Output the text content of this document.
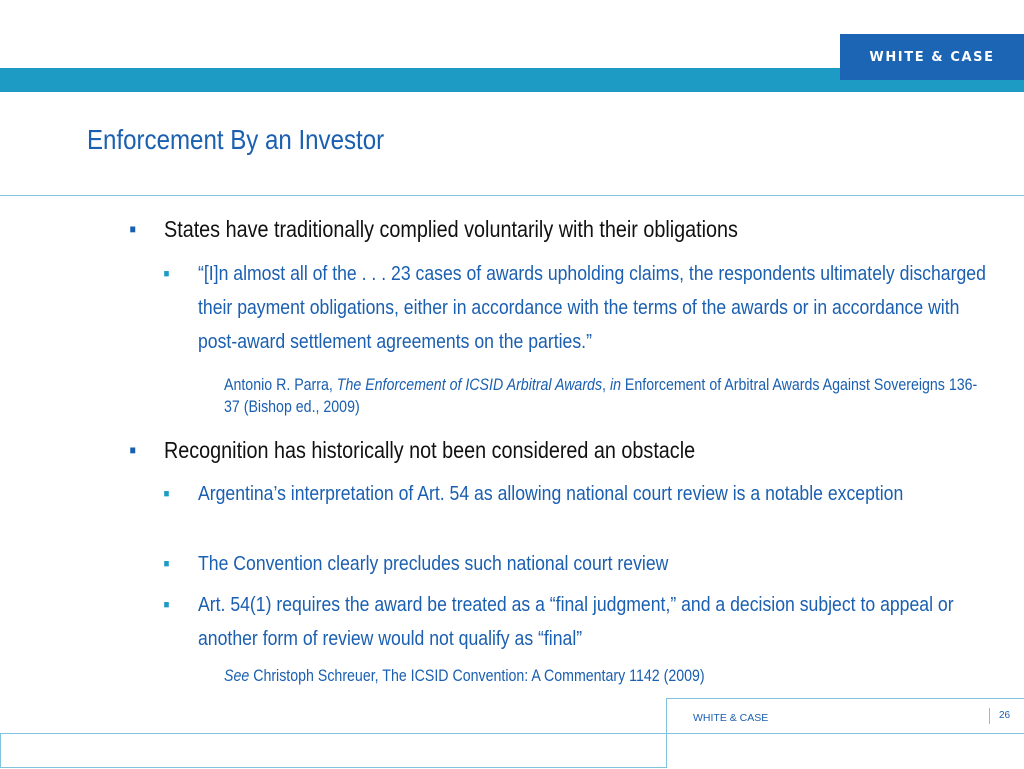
WHITE & CASE
Enforcement By an Investor

■ States have traditionally complied voluntarily with their obligations

■ “[I]n almost all of the . . . 23 cases of awards upholding claims, the respondents ultimately discharged their payment obligations, either in accordance with the terms of the awards or in accordance with post-award settlement agreements on the parties.”

Antonio R. Parra, The Enforcement of ICSID Arbitral Awards, in Enforcement of Arbitral Awards Against Sovereigns 136-37 (Bishop ed., 2009)

■ Recognition has historically not been considered an obstacle

■ Argentina’s interpretation of Art. 54 as allowing national court review is a notable exception

■ The Convention clearly precludes such national court review

■ Art. 54(1) requires the award be treated as a “final judgment,” and a decision subject to appeal or another form of review would not qualify as “final”

See Christoph Schreuer, The ICSID Convention: A Commentary 1142 (2009)

WHITE & CASE	26
